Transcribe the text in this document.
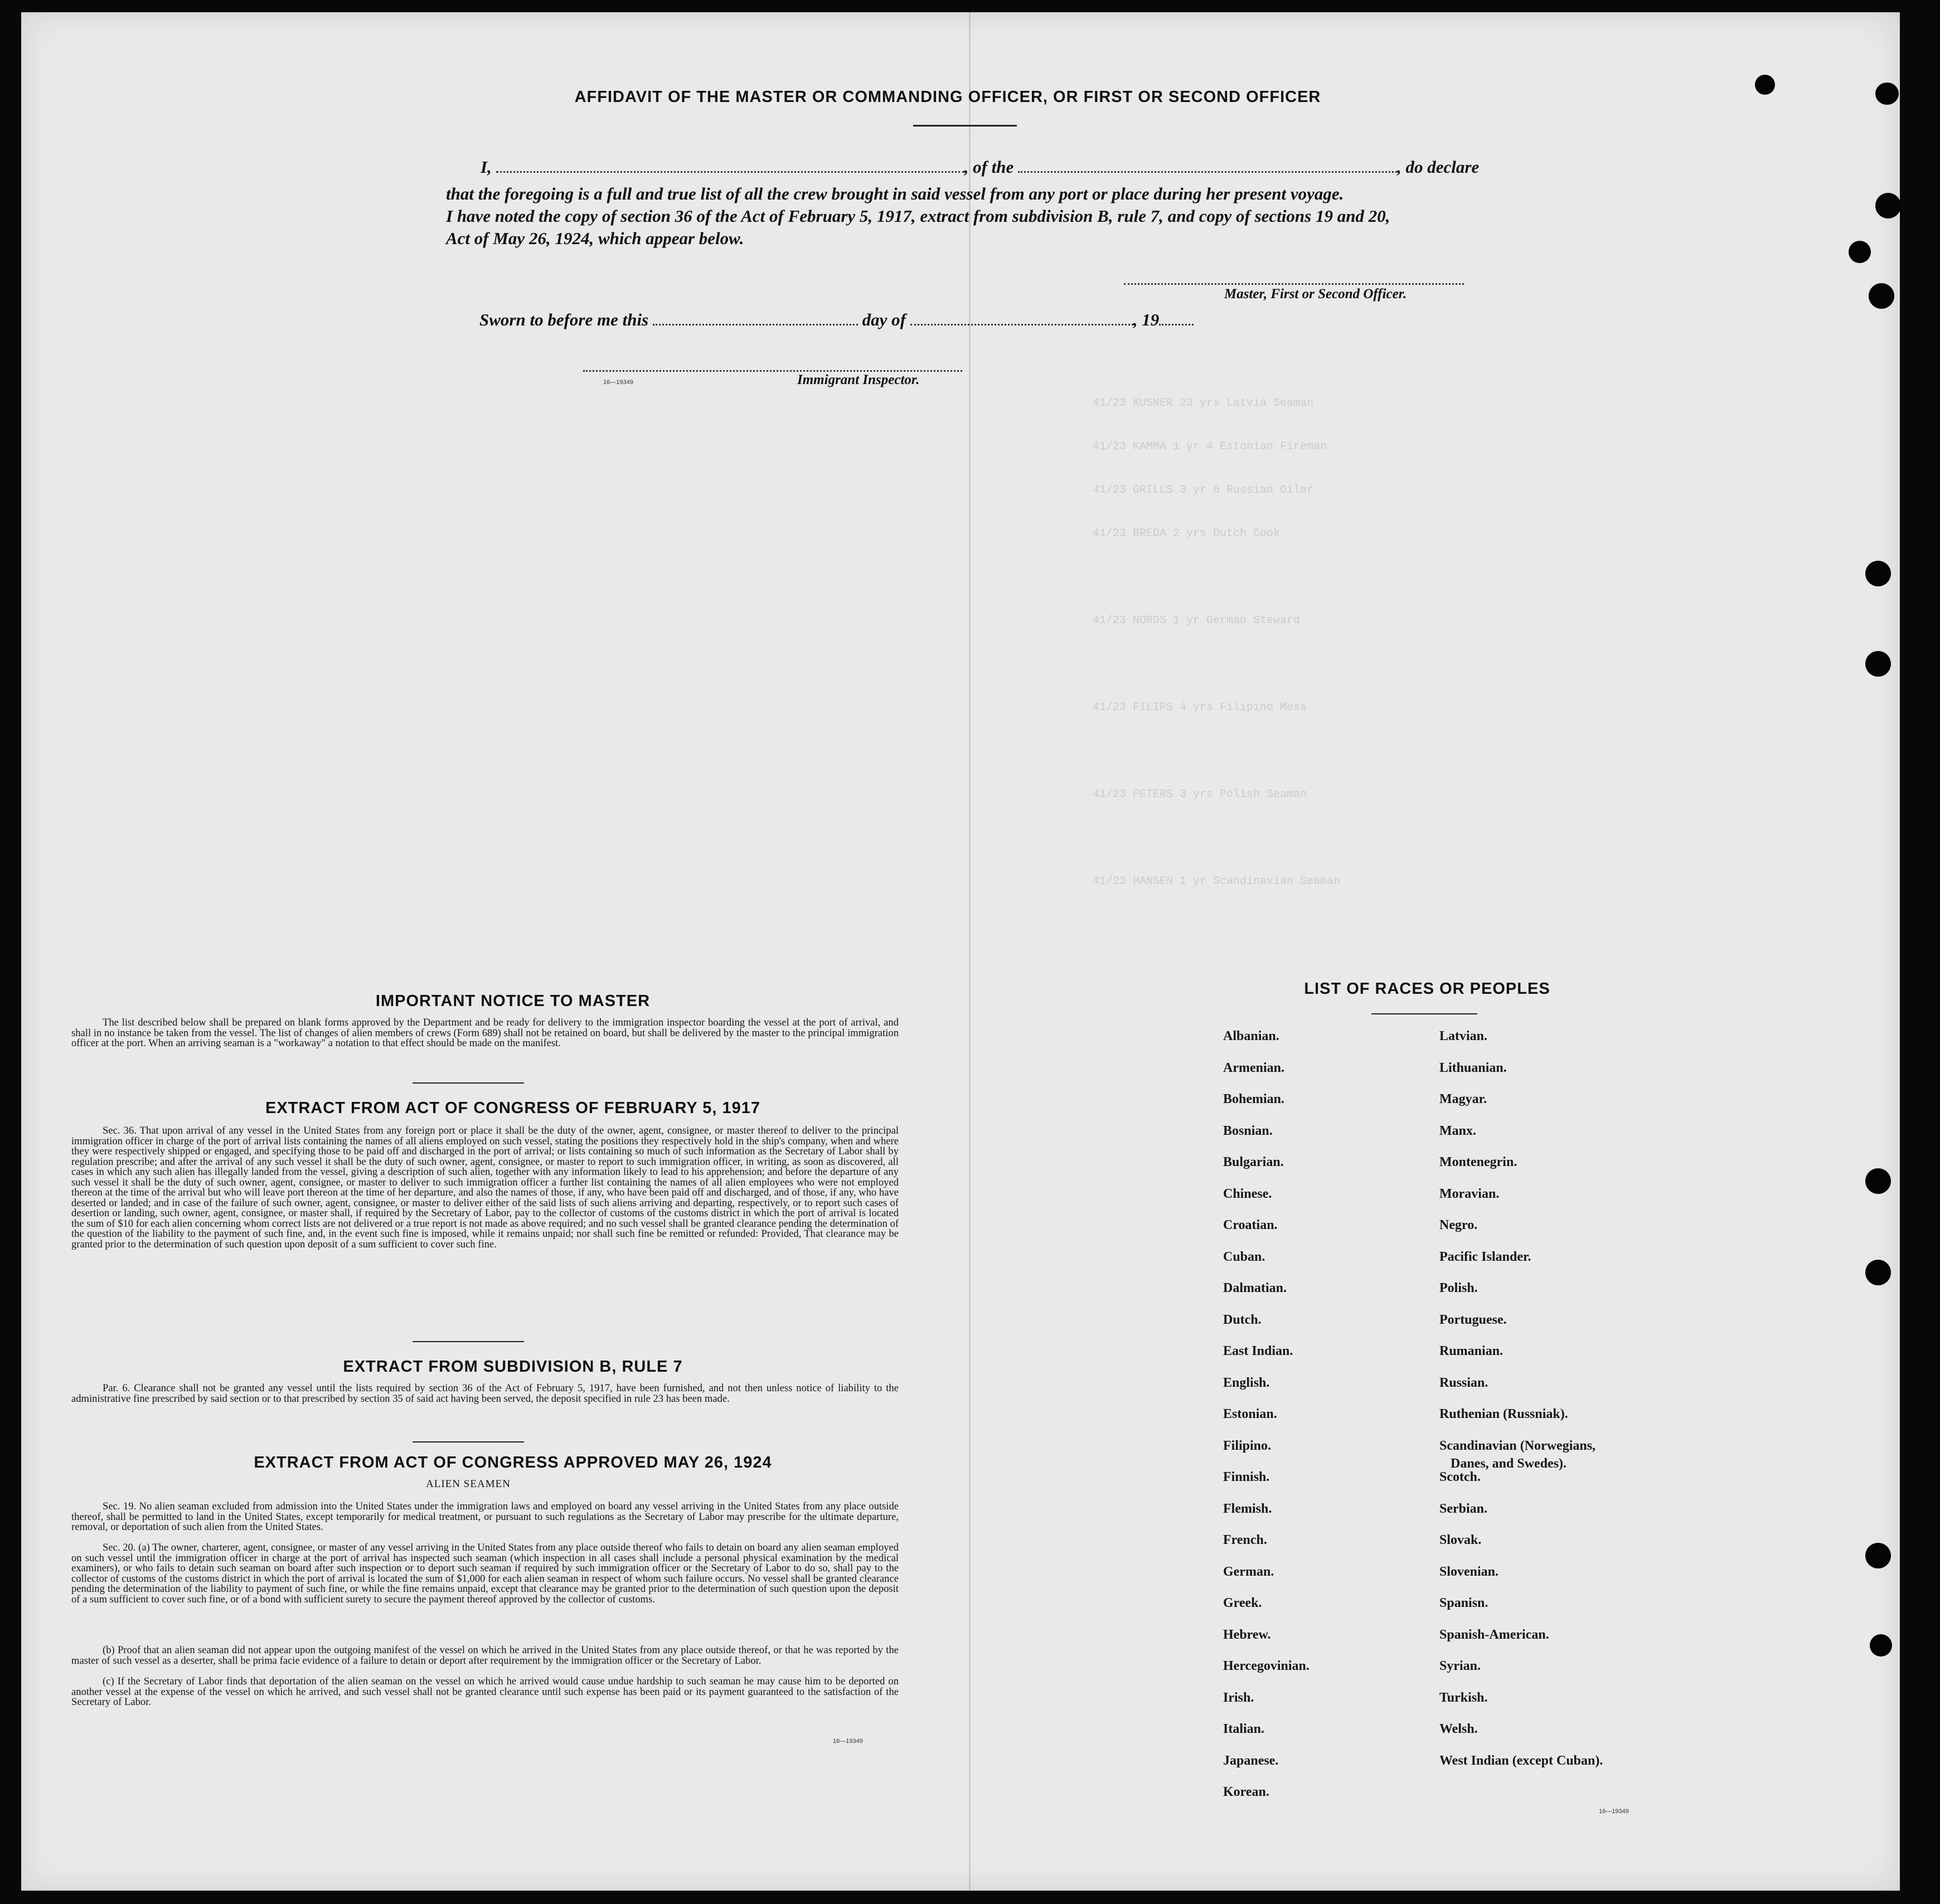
41/23 KUSNER 23 yrs Latvia Seaman
41/23 KAMMA 1 yr 4 Estonian Fireman
41/23 GRILLS 3 yr 6 Russian Oiler
41/23 BREDA 2 yrs Dutch Cook
41/23 NORDS 1 yr German Steward
41/23 FILIPS 4 yrs Filipino Mess
41/23 PETERS 3 yrs Polish Seaman
41/23 HANSEN 1 yr Scandinavian Seaman
AFFIDAVIT OF THE MASTER OR COMMANDING OFFICER, OR FIRST OR SECOND OFFICER
I,	, of the	, do declare
that the foregoing is a full and true list of all the crew brought in said vessel from any port or place during her present voyage.
I have noted the copy of section 36 of the Act of February 5, 1917, extract from subdivision B, rule 7, and copy of sections 19 and 20,
Act of May 26, 1924, which appear below.
Master, First or Second Officer.
Sworn to before me this	day of	, 19
16—19349	Immigrant Inspector.
IMPORTANT NOTICE TO MASTER
The list described below shall be prepared on blank forms approved by the Department and be ready for delivery to the immigration inspector boarding the vessel at the port of arrival, and shall in no instance be taken from the vessel. The list of changes of alien members of crews (Form 689) shall not be retained on board, but shall be delivered by the master to the principal immigration officer at the port. When an arriving seaman is a "workaway" a notation to that effect should be made on the manifest.
EXTRACT FROM ACT OF CONGRESS OF FEBRUARY 5, 1917
Sec. 36. That upon arrival of any vessel in the United States from any foreign port or place it shall be the duty of the owner, agent, consignee, or master thereof to deliver to the principal immigration officer in charge of the port of arrival lists containing the names of all aliens employed on such vessel, stating the positions they respectively hold in the ship's company, when and where they were respectively shipped or engaged, and specifying those to be paid off and discharged in the port of arrival; or lists containing so much of such information as the Secretary of Labor shall by regulation prescribe; and after the arrival of any such vessel it shall be the duty of such owner, agent, consignee, or master to report to such immigration officer, in writing, as soon as discovered, all cases in which any such alien has illegally landed from the vessel, giving a description of such alien, together with any information likely to lead to his apprehension; and before the departure of any such vessel it shall be the duty of such owner, agent, consignee, or master to deliver to such immigration officer a further list containing the names of all alien employees who were not employed thereon at the time of the arrival but who will leave port thereon at the time of her departure, and also the names of those, if any, who have been paid off and discharged, and of those, if any, who have deserted or landed; and in case of the failure of such owner, agent, consignee, or master to deliver either of the said lists of such aliens arriving and departing, respectively, or to report such cases of desertion or landing, such owner, agent, consignee, or master shall, if required by the Secretary of Labor, pay to the collector of customs of the customs district in which the port of arrival is located the sum of $10 for each alien concerning whom correct lists are not delivered or a true report is not made as above required; and no such vessel shall be granted clearance pending the determination of the question of the liability to the payment of such fine, and, in the event such fine is imposed, while it remains unpaid; nor shall such fine be remitted or refunded: Provided, That clearance may be granted prior to the determination of such question upon deposit of a sum sufficient to cover such fine.
EXTRACT FROM SUBDIVISION B, RULE 7
Par. 6. Clearance shall not be granted any vessel until the lists required by section 36 of the Act of February 5, 1917, have been furnished, and not then unless notice of liability to the administrative fine prescribed by said section or to that prescribed by section 35 of said act having been served, the deposit specified in rule 23 has been made.
EXTRACT FROM ACT OF CONGRESS APPROVED MAY 26, 1924
ALIEN SEAMEN
Sec. 19. No alien seaman excluded from admission into the United States under the immigration laws and employed on board any vessel arriving in the United States from any place outside thereof, shall be permitted to land in the United States, except temporarily for medical treatment, or pursuant to such regulations as the Secretary of Labor may prescribe for the ultimate departure, removal, or deportation of such alien from the United States.
Sec. 20. (a) The owner, charterer, agent, consignee, or master of any vessel arriving in the United States from any place outside thereof who fails to detain on board any alien seaman employed on such vessel until the immigration officer in charge at the port of arrival has inspected such seaman (which inspection in all cases shall include a personal physical examination by the medical examiners), or who fails to detain such seaman on board after such inspection or to deport such seaman if required by such immigration officer or the Secretary of Labor to do so, shall pay to the collector of customs of the customs district in which the port of arrival is located the sum of $1,000 for each alien seaman in respect of whom such failure occurs. No vessel shall be granted clearance pending the determination of the liability to payment of such fine, or while the fine remains unpaid, except that clearance may be granted prior to the determination of such question upon the deposit of a sum sufficient to cover such fine, or of a bond with sufficient surety to secure the payment thereof approved by the collector of customs.
(b) Proof that an alien seaman did not appear upon the outgoing manifest of the vessel on which he arrived in the United States from any place outside thereof, or that he was reported by the master of such vessel as a deserter, shall be prima facie evidence of a failure to detain or deport after requirement by the immigration officer or the Secretary of Labor.
(c) If the Secretary of Labor finds that deportation of the alien seaman on the vessel on which he arrived would cause undue hardship to such seaman he may cause him to be deported on another vessel at the expense of the vessel on which he arrived, and such vessel shall not be granted clearance until such expense has been paid or its payment guaranteed to the satisfaction of the Secretary of Labor.
16—19349
LIST OF RACES OR PEOPLES
Albanian.
Armenian.
Bohemian.
Bosnian.
Bulgarian.
Chinese.
Croatian.
Cuban.
Dalmatian.
Dutch.
East Indian.
English.
Estonian.
Filipino.
Finnish.
Flemish.
French.
German.
Greek.
Hebrew.
Hercegovinian.
Irish.
Italian.
Japanese.
Korean.
Latvian.
Lithuanian.
Magyar.
Manx.
Montenegrin.
Moravian.
Negro.
Pacific Islander.
Polish.
Portuguese.
Rumanian.
Russian.
Ruthenian (Russniak).
Scandinavian (Norwegians,
Danes, and Swedes).
Scotch.
Serbian.
Slovak.
Slovenian.
Spanisn.
Spanish-American.
Syrian.
Turkish.
Welsh.
West Indian (except Cuban).
16—19349
